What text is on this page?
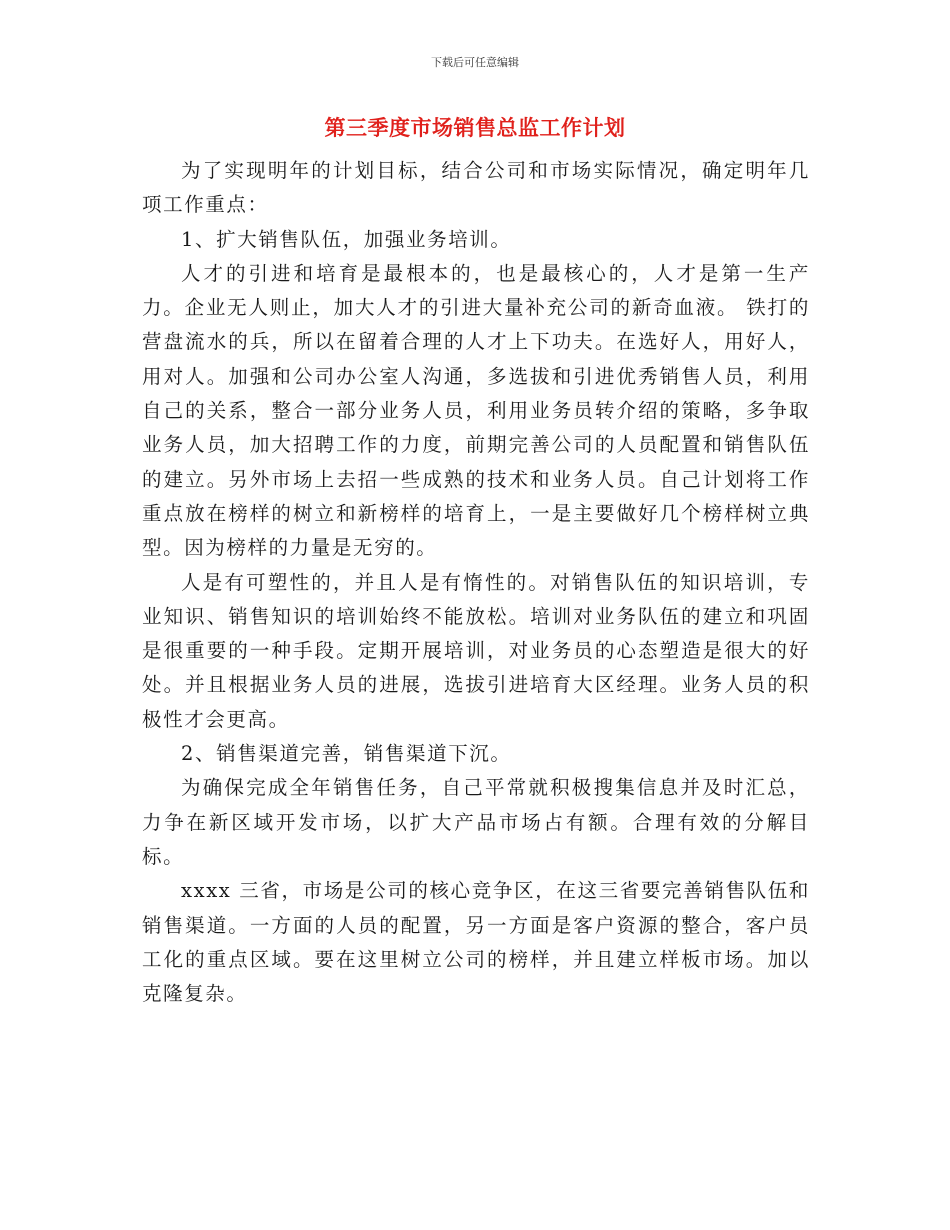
下载后可任意编辑
第三季度市场销售总监工作计划

为了实现明年的计划目标，结合公司和市场实际情况，确定明年几项工作重点：

1、扩大销售队伍，加强业务培训。

人才的引进和培育是最根本的，也是最核心的，人才是第一生产力。企业无人则止，加大人才的引进大量补充公司的新奇血液。 铁打的营盘流水的兵，所以在留着合理的人才上下功夫。在选好人，用好人，用对人。加强和公司办公室人沟通，多选拔和引进优秀销售人员，利用自己的关系，整合一部分业务人员，利用业务员转介绍的策略，多争取业务人员，加大招聘工作的力度，前期完善公司的人员配置和销售队伍的建立。另外市场上去招一些成熟的技术和业务人员。自己计划将工作重点放在榜样的树立和新榜样的培育上，一是主要做好几个榜样树立典型。因为榜样的力量是无穷的。

人是有可塑性的，并且人是有惰性的。对销售队伍的知识培训，专业知识、销售知识的培训始终不能放松。培训对业务队伍的建立和巩固是很重要的一种手段。定期开展培训，对业务员的心态塑造是很大的好处。并且根据业务人员的进展，选拔引进培育大区经理。业务人员的积极性才会更高。

2、销售渠道完善，销售渠道下沉。

为确保完成全年销售任务，自己平常就积极搜集信息并及时汇总，力争在新区域开发市场，以扩大产品市场占有额。合理有效的分解目标。

xxxx 三省，市场是公司的核心竞争区，在这三省要完善销售队伍和销售渠道。一方面的人员的配置，另一方面是客户资源的整合，客户员工化的重点区域。要在这里树立公司的榜样，并且建立样板市场。加以克隆复杂。
